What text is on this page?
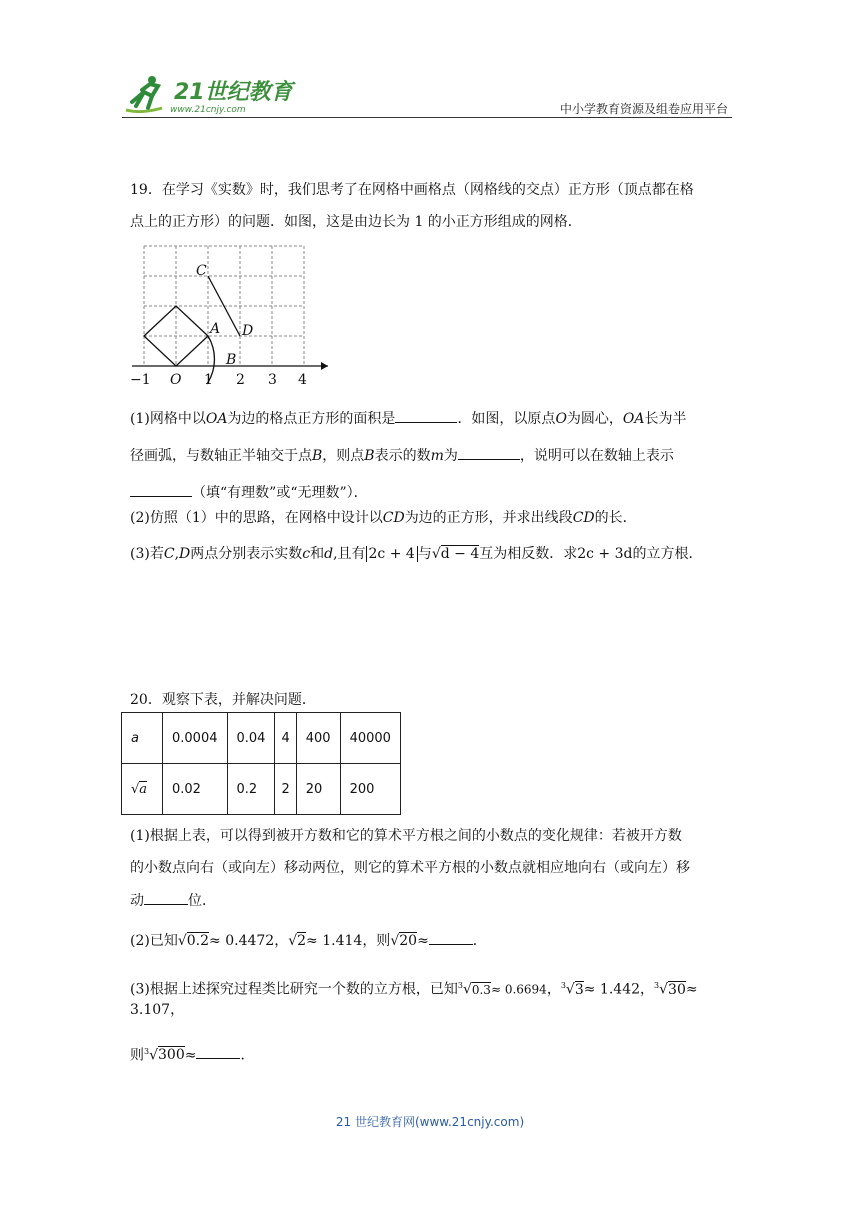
21世纪教育
www.21cnjy.com	中小学教育资源及组卷应用平台

19．在学习《实数》时，我们思考了在网格中画格点（网格线的交点）正方形（顶点都在格

点上的正方形）的问题．如图，这是由边长为 1 的小正方形组成的网格．

C
A D
B
−1 O 1 2 3 4

(1)网格中以OA为边的格点正方形的面积是	．如图，以原点O为圆心，OA长为半

径画弧，与数轴正半轴交于点B，则点B表示的数m为	，说明可以在数轴上表示

（填“有理数”或“无理数”）．

(2)仿照（1）中的思路，在网格中设计以CD为边的正方形，并求出线段CD的长．

(3)若C,D两点分别表示实数c和d,且有 2c + 4 与√d − 4互为相反数．求2c + 3d的立方根．

20．观察下表，并解决问题．
a	0.0004	0.04	4	400	40000
√a	0.02	0.2	2	20	200

(1)根据上表，可以得到被开方数和它的算术平方根之间的小数点的变化规律：若被开方数

的小数点向右（或向左）移动两位，则它的算术平方根的小数点就相应地向右（或向左）移

动	位．

(2)已知√0.2≈ 0.4472，√2≈ 1.414，则√20≈	．

(3)根据上述探究过程类比研究一个数的立方根，已知$^3$√0.3≈ 0.6694，$^3$√3≈ 1.442，$^3$√30≈ 3.107，

则$^3$√300≈	．

21 世纪教育网(www.21cnjy.com)
